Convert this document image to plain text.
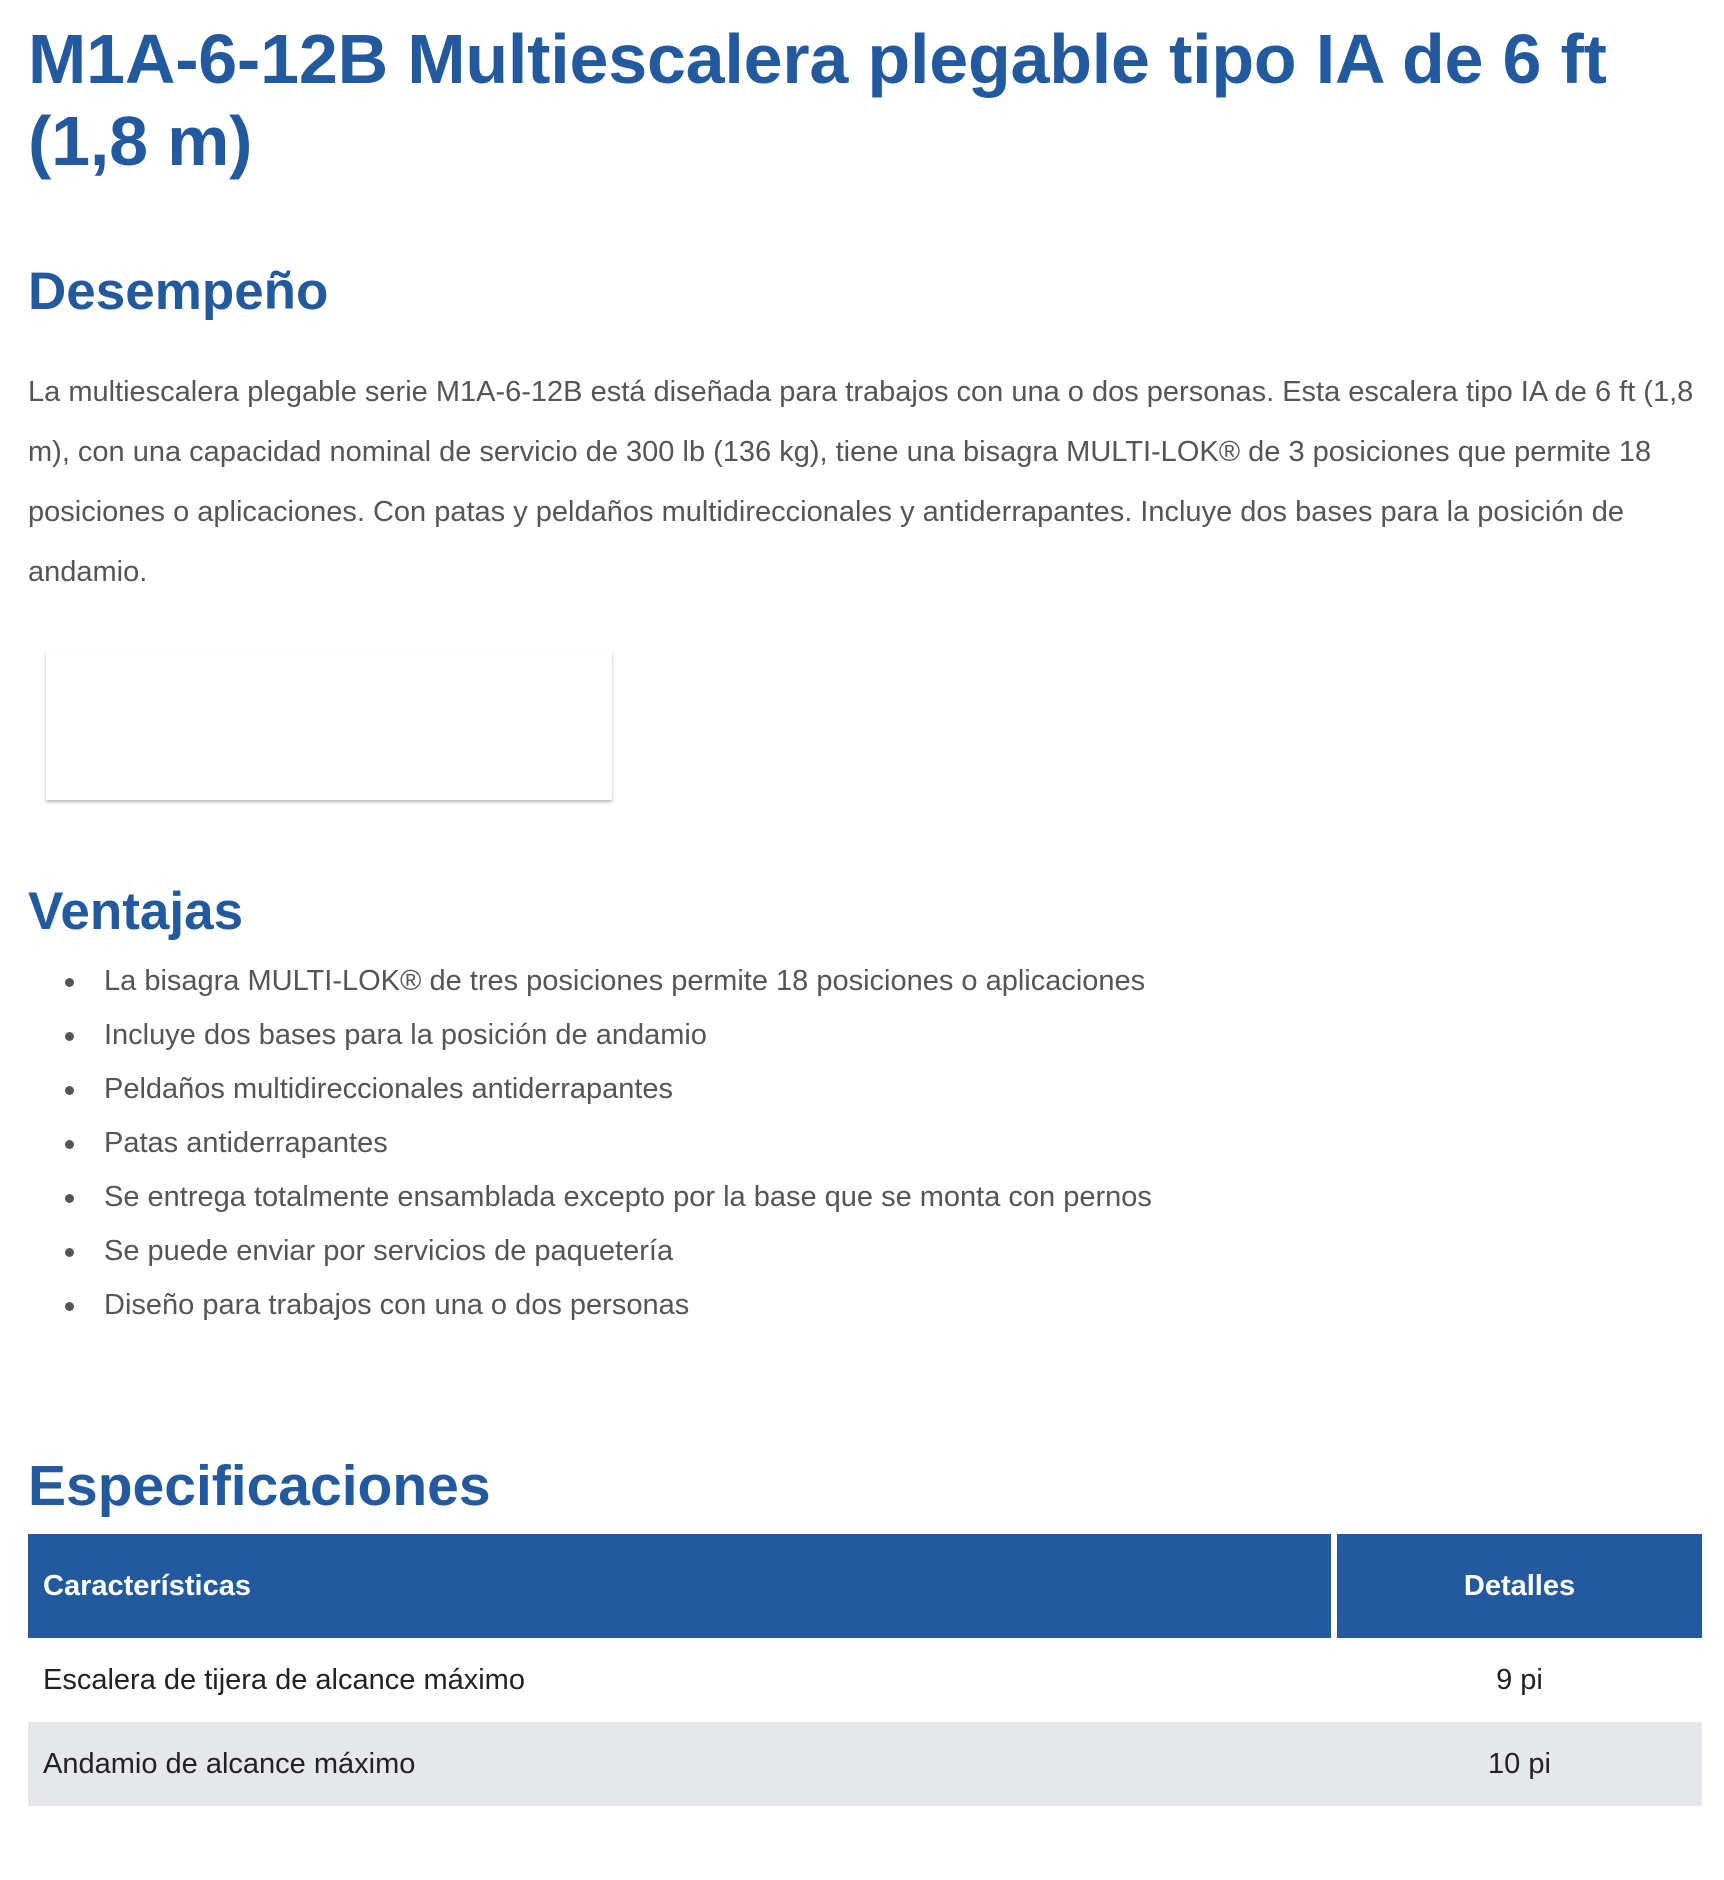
M1A-6-12B Multiescalera plegable tipo IA de 6 ft (1,8 m)
Desempeño

La multiescalera plegable serie M1A-6-12B está diseñada para trabajos con una o dos personas. Esta escalera tipo IA de 6 ft (1,8 m), con una capacidad nominal de servicio de 300 lb (136 kg), tiene una bisagra MULTI-LOK® de 3 posiciones que permite 18 posiciones o aplicaciones. Con patas y peldaños multidireccionales y antiderrapantes. Incluye dos bases para la posición de andamio.

Ventajas
La bisagra MULTI-LOK® de tres posiciones permite 18 posiciones o aplicaciones
Incluye dos bases para la posición de andamio
Peldaños multidireccionales antiderrapantes
Patas antiderrapantes
Se entrega totalmente ensamblada excepto por la base que se monta con pernos
Se puede enviar por servicios de paquetería
Diseño para trabajos con una o dos personas
Especificaciones
Características	Detalles
Escalera de tijera de alcance máximo	9 pi
Andamio de alcance máximo	10 pi
